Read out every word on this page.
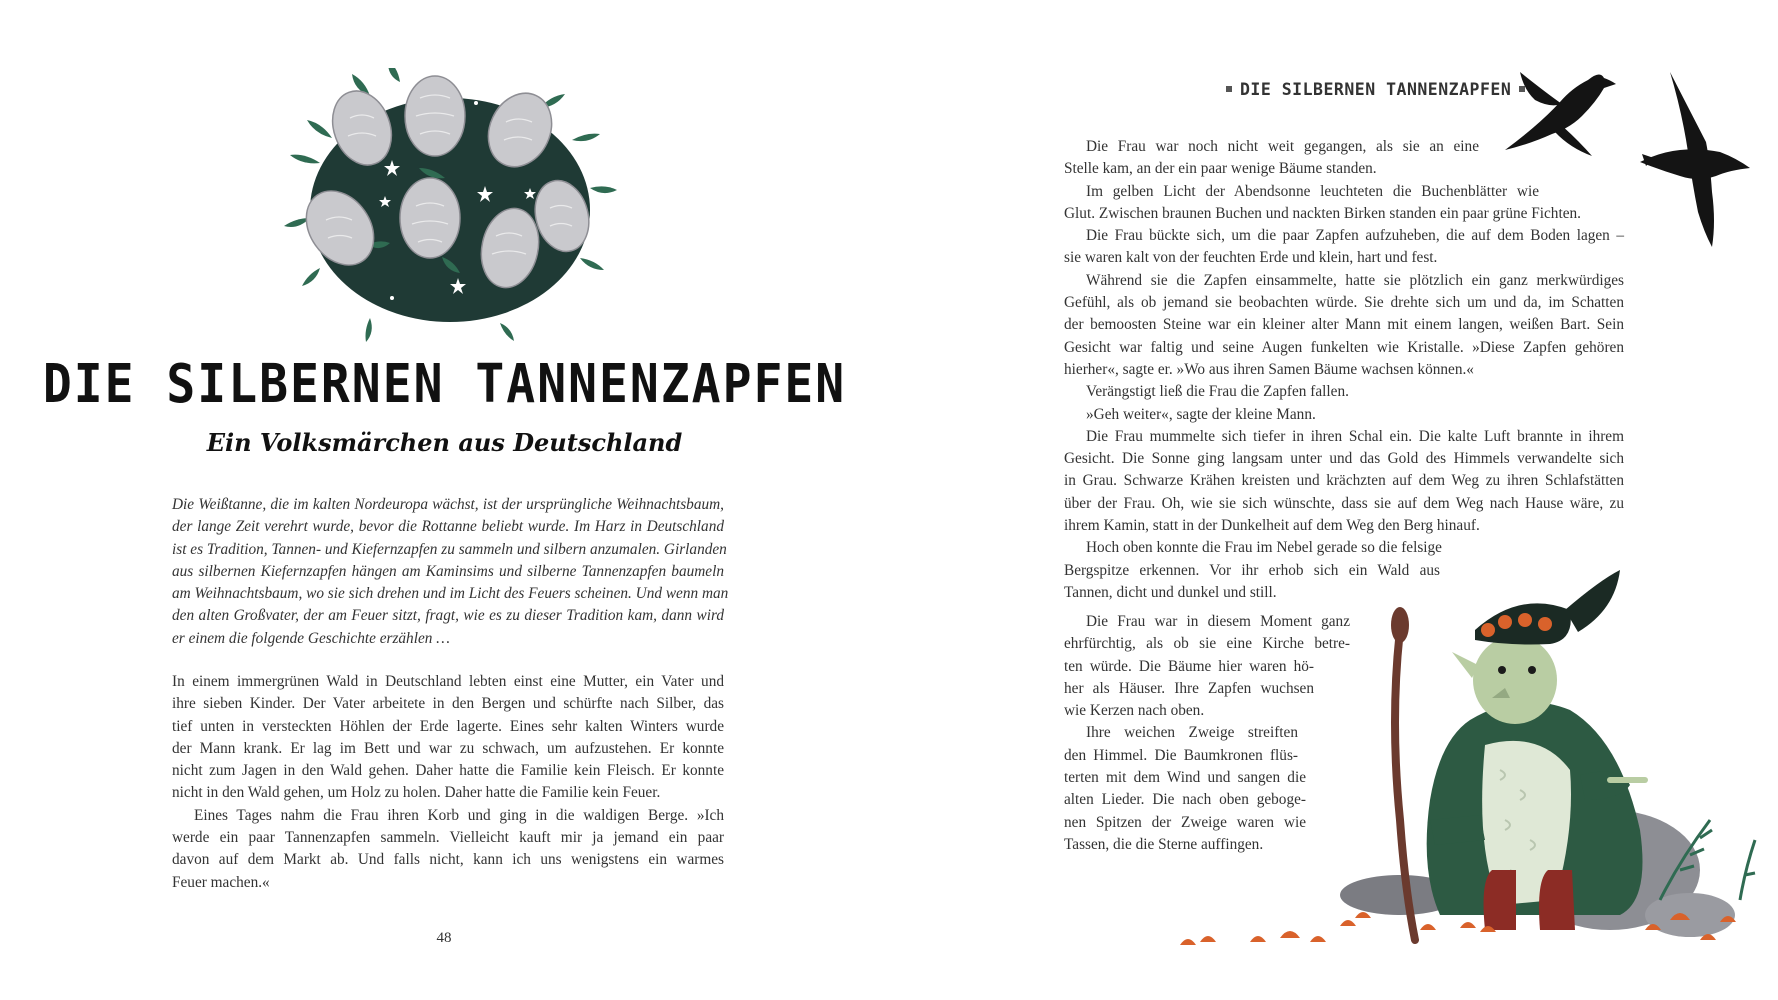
DIE SILBERNEN TANNENZAPFEN
Ein Volksmärchen aus Deutschland
Die Weißtanne, die im kalten Nordeuropa wächst, ist der ursprüngliche Weihnachtsbaum,
der lange Zeit verehrt wurde, bevor die Rottanne beliebt wurde. Im Harz in Deutschland
ist es Tradition, Tannen- und Kiefernzapfen zu sammeln und silbern anzumalen. Girlanden
aus silbernen Kiefernzapfen hängen am Kaminsims und silberne Tannenzapfen baumeln
am Weihnachtsbaum, wo sie sich drehen und im Licht des Feuers scheinen. Und wenn man
den alten Großvater, der am Feuer sitzt, fragt, wie es zu dieser Tradition kam, dann wird
er einem die folgende Geschichte erzählen …
In einem immergrünen Wald in Deutschland lebten einst eine Mutter, ein Vater und
ihre sieben Kinder. Der Vater arbeitete in den Bergen und schürfte nach Silber, das
tief unten in versteckten Höhlen der Erde lagerte. Eines sehr kalten Winters wurde
der Mann krank. Er lag im Bett und war zu schwach, um aufzustehen. Er konnte
nicht zum Jagen in den Wald gehen. Daher hatte die Familie kein Fleisch. Er konnte
nicht in den Wald gehen, um Holz zu holen. Daher hatte die Familie kein Feuer.
Eines Tages nahm die Frau ihren Korb und ging in die waldigen Berge. »Ich
werde ein paar Tannenzapfen sammeln. Vielleicht kauft mir ja jemand ein paar
davon auf dem Markt ab. Und falls nicht, kann ich uns wenigstens ein warmes
Feuer machen.«
48
DIE SILBERNEN TANNENZAPFEN
Die Frau war noch nicht weit gegangen, als sie an eine
Stelle kam, an der ein paar wenige Bäume standen.
Im gelben Licht der Abendsonne leuchteten die Buchenblätter wie
Glut. Zwischen braunen Buchen und nackten Birken standen ein paar grüne Fichten.
Die Frau bückte sich, um die paar Zapfen aufzuheben, die auf dem Boden lagen –
sie waren kalt von der feuchten Erde und klein, hart und fest.
Während sie die Zapfen einsammelte, hatte sie plötzlich ein ganz merkwürdiges
Gefühl, als ob jemand sie beobachten würde. Sie drehte sich um und da, im Schatten
der bemoosten Steine war ein kleiner alter Mann mit einem langen, weißen Bart. Sein
Gesicht war faltig und seine Augen funkelten wie Kristalle. »Diese Zapfen gehören
hierher«, sagte er. »Wo aus ihren Samen Bäume wachsen können.«
Verängstigt ließ die Frau die Zapfen fallen.
»Geh weiter«, sagte der kleine Mann.
Die Frau mummelte sich tiefer in ihren Schal ein. Die kalte Luft brannte in ihrem
Gesicht. Die Sonne ging langsam unter und das Gold des Himmels verwandelte sich
in Grau. Schwarze Krähen kreisten und krächzten auf dem Weg zu ihren Schlafstätten
über der Frau. Oh, wie sie sich wünschte, dass sie auf dem Weg nach Hause wäre, zu
ihrem Kamin, statt in der Dunkelheit auf dem Weg den Berg hinauf.
Hoch oben konnte die Frau im Nebel gerade so die felsige
Bergspitze erkennen. Vor ihr erhob sich ein Wald aus
Tannen, dicht und dunkel und still.
Die Frau war in diesem Moment ganz
ehrfürchtig, als ob sie eine Kirche betre-
ten würde. Die Bäume hier waren hö-
her als Häuser. Ihre Zapfen wuchsen
wie Kerzen nach oben.
Ihre weichen Zweige streiften
den Himmel. Die Baumkronen flüs-
terten mit dem Wind und sangen die
alten Lieder. Die nach oben geboge-
nen Spitzen der Zweige waren wie
Tassen, die die Sterne auffingen.
